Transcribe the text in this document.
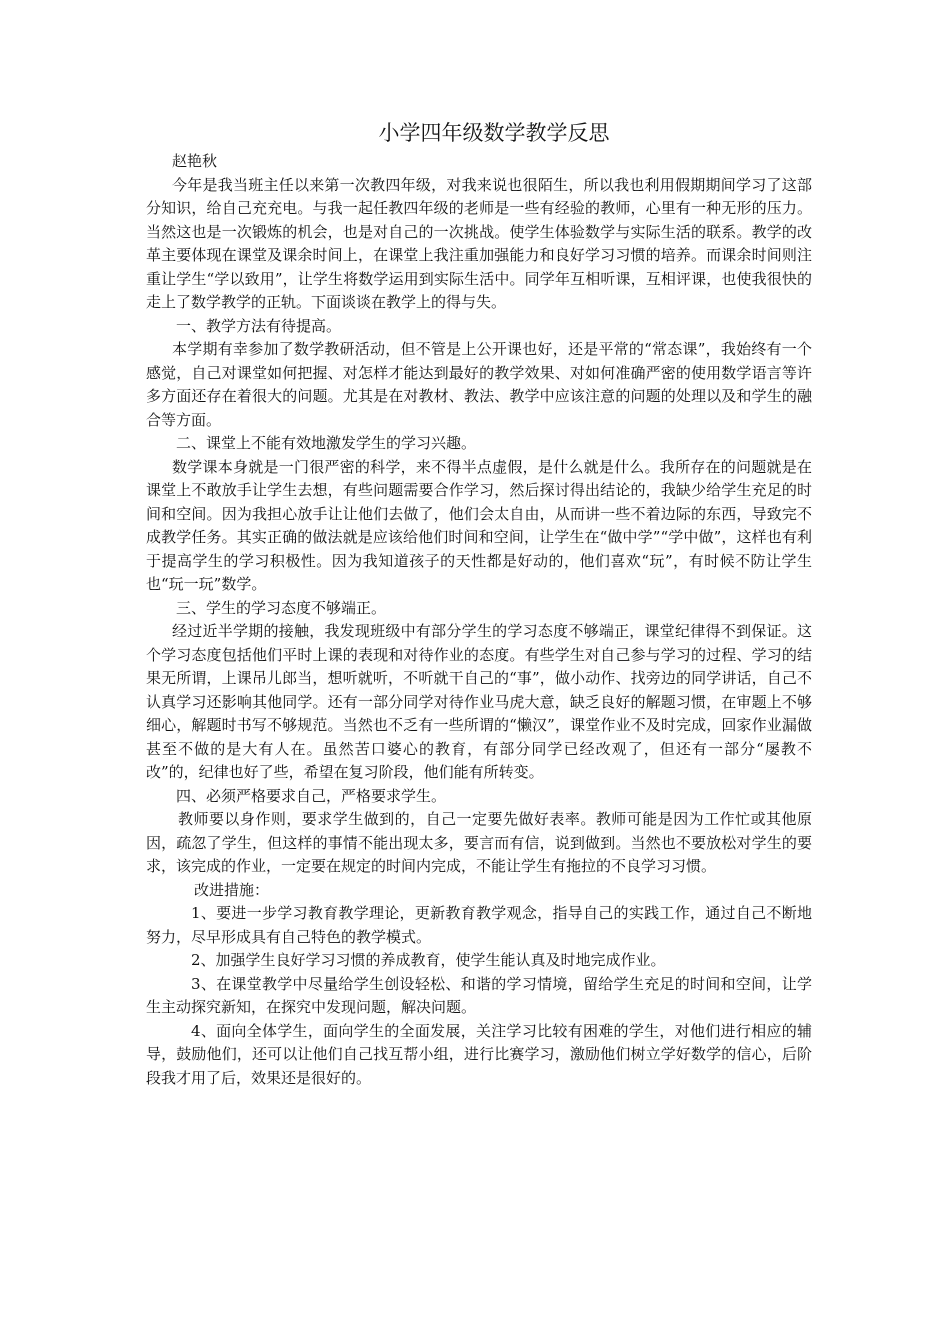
小学四年级数学教学反思
赵艳秋

今年是我当班主任以来第一次教四年级，对我来说也很陌生，所以我也利用假期期间学习了这部分知识，给自己充充电。与我一起任教四年级的老师是一些有经验的教师，心里有一种无形的压力。当然这也是一次锻炼的机会，也是对自己的一次挑战。使学生体验数学与实际生活的联系。教学的改革主要体现在课堂及课余时间上，在课堂上我注重加强能力和良好学习习惯的培养。而课余时间则注重让学生“学以致用”，让学生将数学运用到实际生活中。同学年互相听课，互相评课，也使我很快的走上了数学教学的正轨。下面谈谈在教学上的得与失。

一、教学方法有待提高。

本学期有幸参加了数学教研活动，但不管是上公开课也好，还是平常的“常态课”，我始终有一个感觉，自己对课堂如何把握、对怎样才能达到最好的教学效果、对如何准确严密的使用数学语言等许多方面还存在着很大的问题。尤其是在对教材、教法、教学中应该注意的问题的处理以及和学生的融合等方面。

二、课堂上不能有效地激发学生的学习兴趣。

数学课本身就是一门很严密的科学，来不得半点虚假，是什么就是什么。我所存在的问题就是在课堂上不敢放手让学生去想，有些问题需要合作学习，然后探讨得出结论的，我缺少给学生充足的时间和空间。因为我担心放手让让他们去做了，他们会太自由，从而讲一些不着边际的东西，导致完不成教学任务。其实正确的做法就是应该给他们时间和空间，让学生在“做中学”“学中做”，这样也有利于提高学生的学习积极性。因为我知道孩子的天性都是好动的，他们喜欢“玩”，有时候不防让学生也“玩一玩”数学。

三、学生的学习态度不够端正。

经过近半学期的接触，我发现班级中有部分学生的学习态度不够端正，课堂纪律得不到保证。这个学习态度包括他们平时上课的表现和对待作业的态度。有些学生对自己参与学习的过程、学习的结果无所谓，上课吊儿郎当，想听就听，不听就干自己的“事”，做小动作、找旁边的同学讲话，自己不认真学习还影响其他同学。还有一部分同学对待作业马虎大意，缺乏良好的解题习惯，在审题上不够细心，解题时书写不够规范。当然也不乏有一些所谓的“懒汉”，课堂作业不及时完成，回家作业漏做甚至不做的是大有人在。虽然苦口婆心的教育，有部分同学已经改观了，但还有一部分“屡教不改”的，纪律也好了些，希望在复习阶段，他们能有所转变。

四、必须严格要求自己，严格要求学生。

教师要以身作则，要求学生做到的，自己一定要先做好表率。教师可能是因为工作忙或其他原因，疏忽了学生，但这样的事情不能出现太多，要言而有信，说到做到。当然也不要放松对学生的要求，该完成的作业，一定要在规定的时间内完成，不能让学生有拖拉的不良学习习惯。

改进措施：

1、要进一步学习教育教学理论，更新教育教学观念，指导自己的实践工作，通过自己不断地努力，尽早形成具有自己特色的教学模式。

2、加强学生良好学习习惯的养成教育，使学生能认真及时地完成作业。

3、在课堂教学中尽量给学生创设轻松、和谐的学习情境，留给学生充足的时间和空间，让学生主动探究新知，在探究中发现问题，解决问题。

4、面向全体学生，面向学生的全面发展，关注学习比较有困难的学生，对他们进行相应的辅导，鼓励他们，还可以让他们自己找互帮小组，进行比赛学习，激励他们树立学好数学的信心，后阶段我才用了后，效果还是很好的。
